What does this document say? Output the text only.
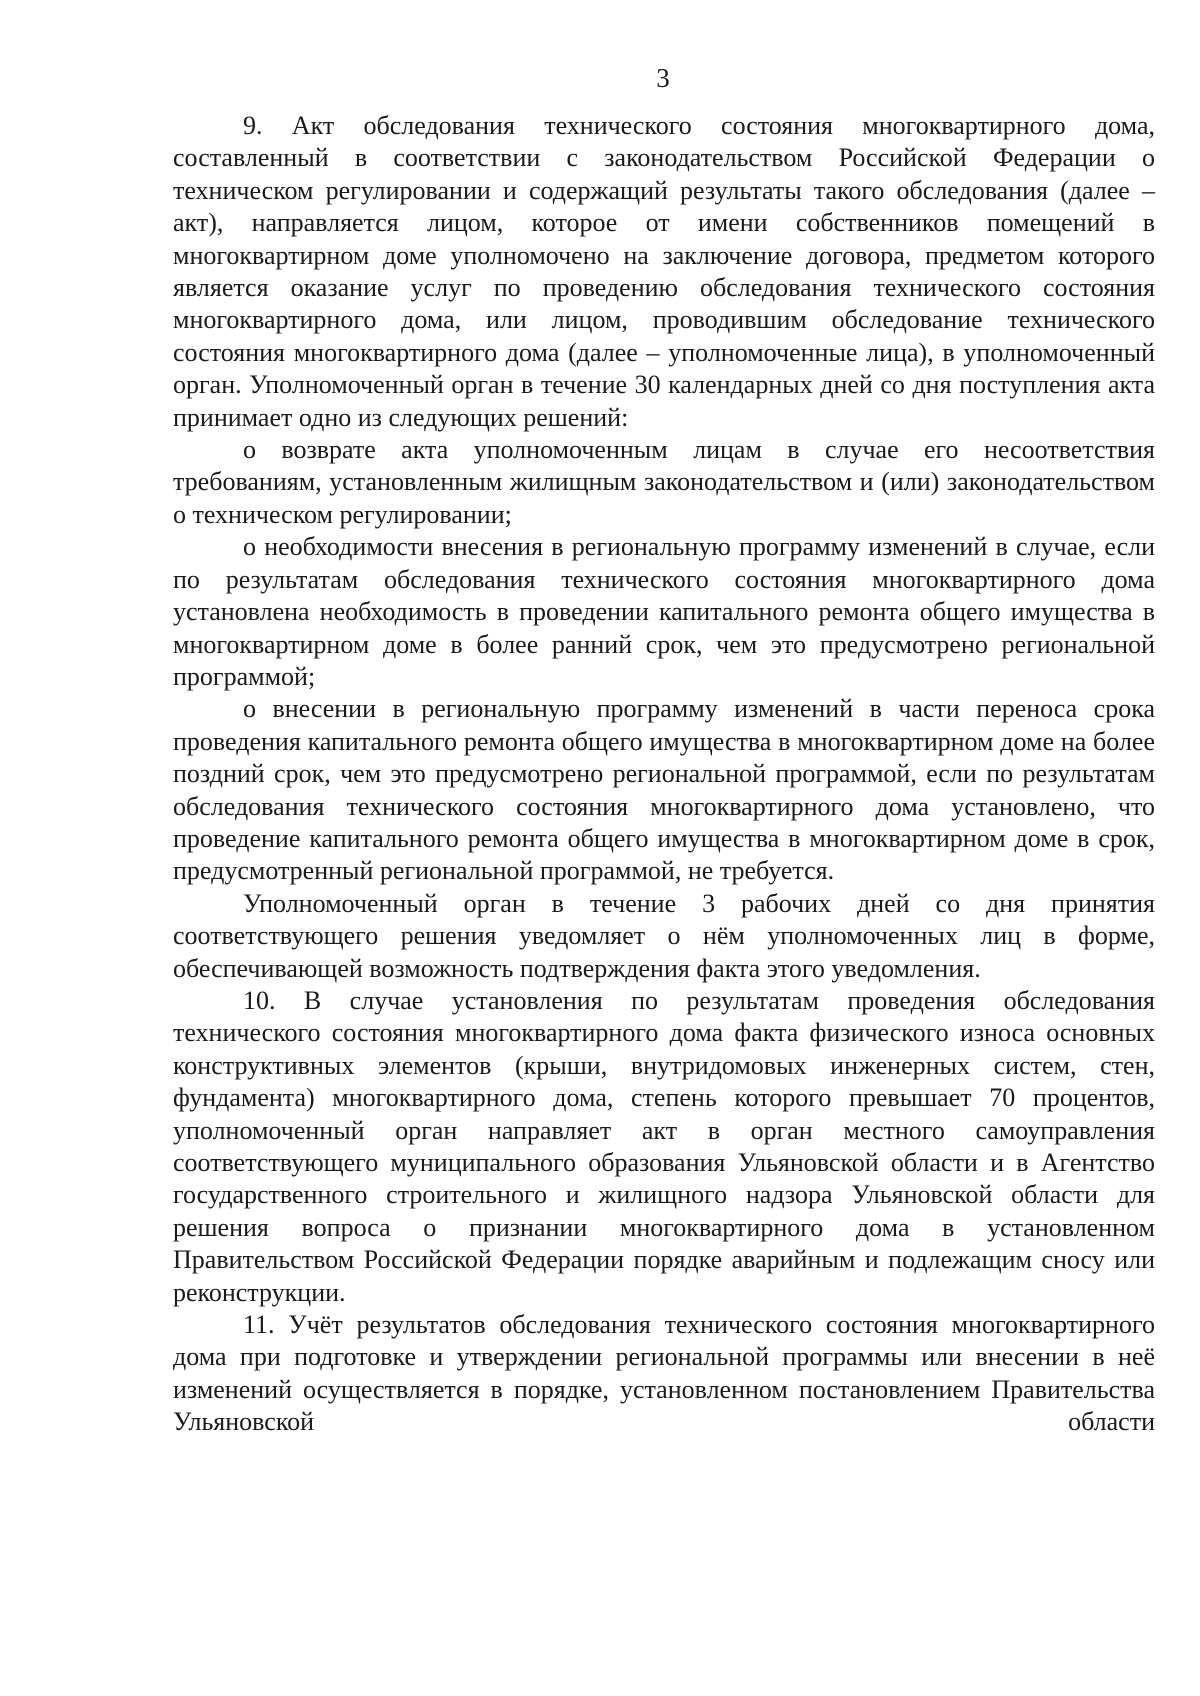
3

9. Акт обследования технического состояния многоквартирного дома, составленный в соответствии с законодательством Российской Федерации о техническом регулировании и содержащий результаты такого обследования (далее – акт), направляется лицом, которое от имени собственников помещений в многоквартирном доме уполномочено на заключение договора, предметом которого является оказание услуг по проведению обследования технического состояния многоквартирного дома, или лицом, проводившим обследование технического состояния многоквартирного дома (далее – уполномоченные лица), в уполномоченный орган. Уполномоченный орган в течение 30 календарных дней со дня поступления акта принимает одно из следующих решений:

о возврате акта уполномоченным лицам в случае его несоответствия требованиям, установленным жилищным законодательством и (или) законодательством о техническом регулировании;

о необходимости внесения в региональную программу изменений в случае, если по результатам обследования технического состояния многоквартирного дома установлена необходимость в проведении капитального ремонта общего имущества в многоквартирном доме в более ранний срок, чем это предусмотрено региональной программой;

о внесении в региональную программу изменений в части переноса срока проведения капитального ремонта общего имущества в многоквартирном доме на более поздний срок, чем это предусмотрено региональной программой, если по результатам обследования технического состояния многоквартирного дома установлено, что проведение капитального ремонта общего имущества в многоквартирном доме в срок, предусмотренный региональной программой, не требуется.

Уполномоченный орган в течение 3 рабочих дней со дня принятия соответствующего решения уведомляет о нём уполномоченных лиц в форме, обеспечивающей возможность подтверждения факта этого уведомления.

10. В случае установления по результатам проведения обследования технического состояния многоквартирного дома факта физического износа основных конструктивных элементов (крыши, внутридомовых инженерных систем, стен, фундамента) многоквартирного дома, степень которого превышает 70 процентов, уполномоченный орган направляет акт в орган местного самоуправления соответствующего муниципального образования Ульяновской области и в Агентство государственного строительного и жилищного надзора Ульяновской области для решения вопроса о признании многоквартирного дома в установленном Правительством Российской Федерации порядке аварийным и подлежащим сносу или реконструкции.

11. Учёт результатов обследования технического состояния многоквартирного дома при подготовке и утверждении региональной программы или внесении в неё изменений осуществляется в порядке, установленном постановлением Правительства Ульяновской области
